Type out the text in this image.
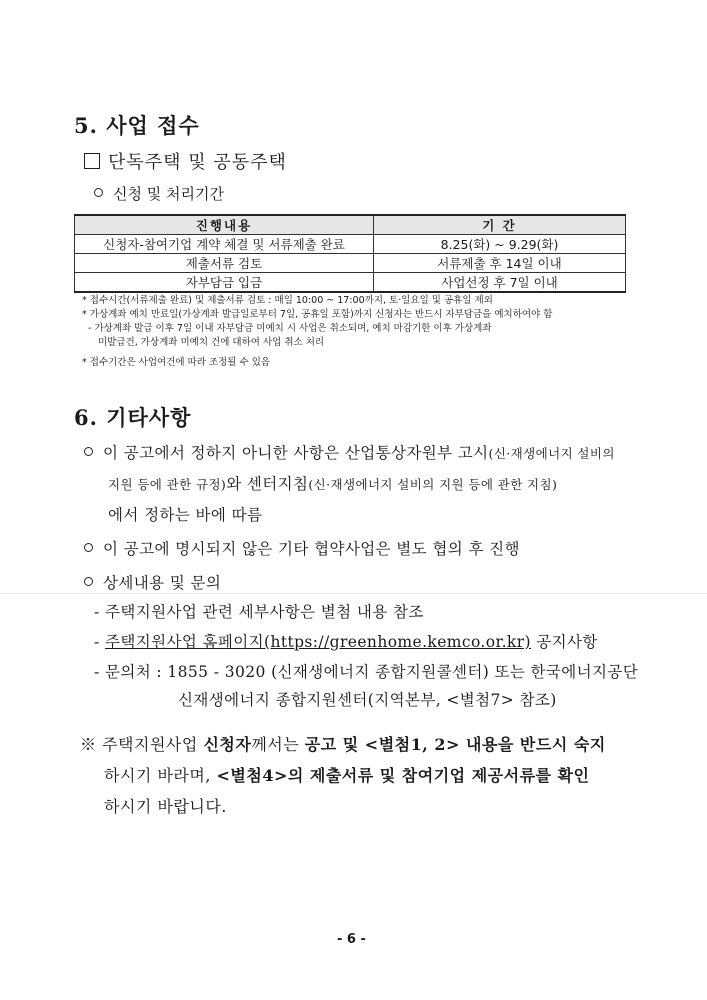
5. 사업 접수
단독주택 및 공동주택
신청 및 처리기간
진행내용	기 간
신청자-참여기업 계약 체결 및 서류제출 완료	8.25(화) ~ 9.29(화)
제출서류 검토	서류제출 후 14일 이내
자부담금 입금	사업선정 후 7일 이내
* 접수시간(서류제출 완료) 및 제출서류 검토 : 매일 10:00 ~ 17:00까지, 토·일요일 및 공휴일 제외
* 가상계좌 예치 만료일(가상계좌 발급일로부터 7일, 공휴일 포함)까지 신청자는 반드시 자부담금을 예치하여야 함
- 가상계좌 발급 이후 7일 이내 자부담금 미예치 시 사업은 취소되며, 예치 마감기한 이후 가상계좌
미발급건, 가상계좌 미예치 건에 대하여 사업 취소 처리
* 접수기간은 사업여건에 따라 조정될 수 있음
6. 기타사항
이 공고에서 정하지 아니한 사항은 산업통상자원부 고시(신·재생에너지 설비의
지원 등에 관한 규정)와 센터지침(신·재생에너지 설비의 지원 등에 관한 지침)
에서 정하는 바에 따름
이 공고에 명시되지 않은 기타 협약사업은 별도 협의 후 진행
상세내용 및 문의
- 주택지원사업 관련 세부사항은 별첨 내용 참조
- 주택지원사업 홈페이지(https://greenhome.kemco.or.kr) 공지사항
- 문의처 : 1855 - 3020 (신재생에너지 종합지원콜센터) 또는 한국에너지공단
신재생에너지 종합지원센터(지역본부, <별첨7> 참조)
※ 주택지원사업 신청자께서는 공고 및 <별첨1, 2> 내용을 반드시 숙지
하시기 바라며, <별첨4>의 제출서류 및 참여기업 제공서류를 확인
하시기 바랍니다.
- 6 -
